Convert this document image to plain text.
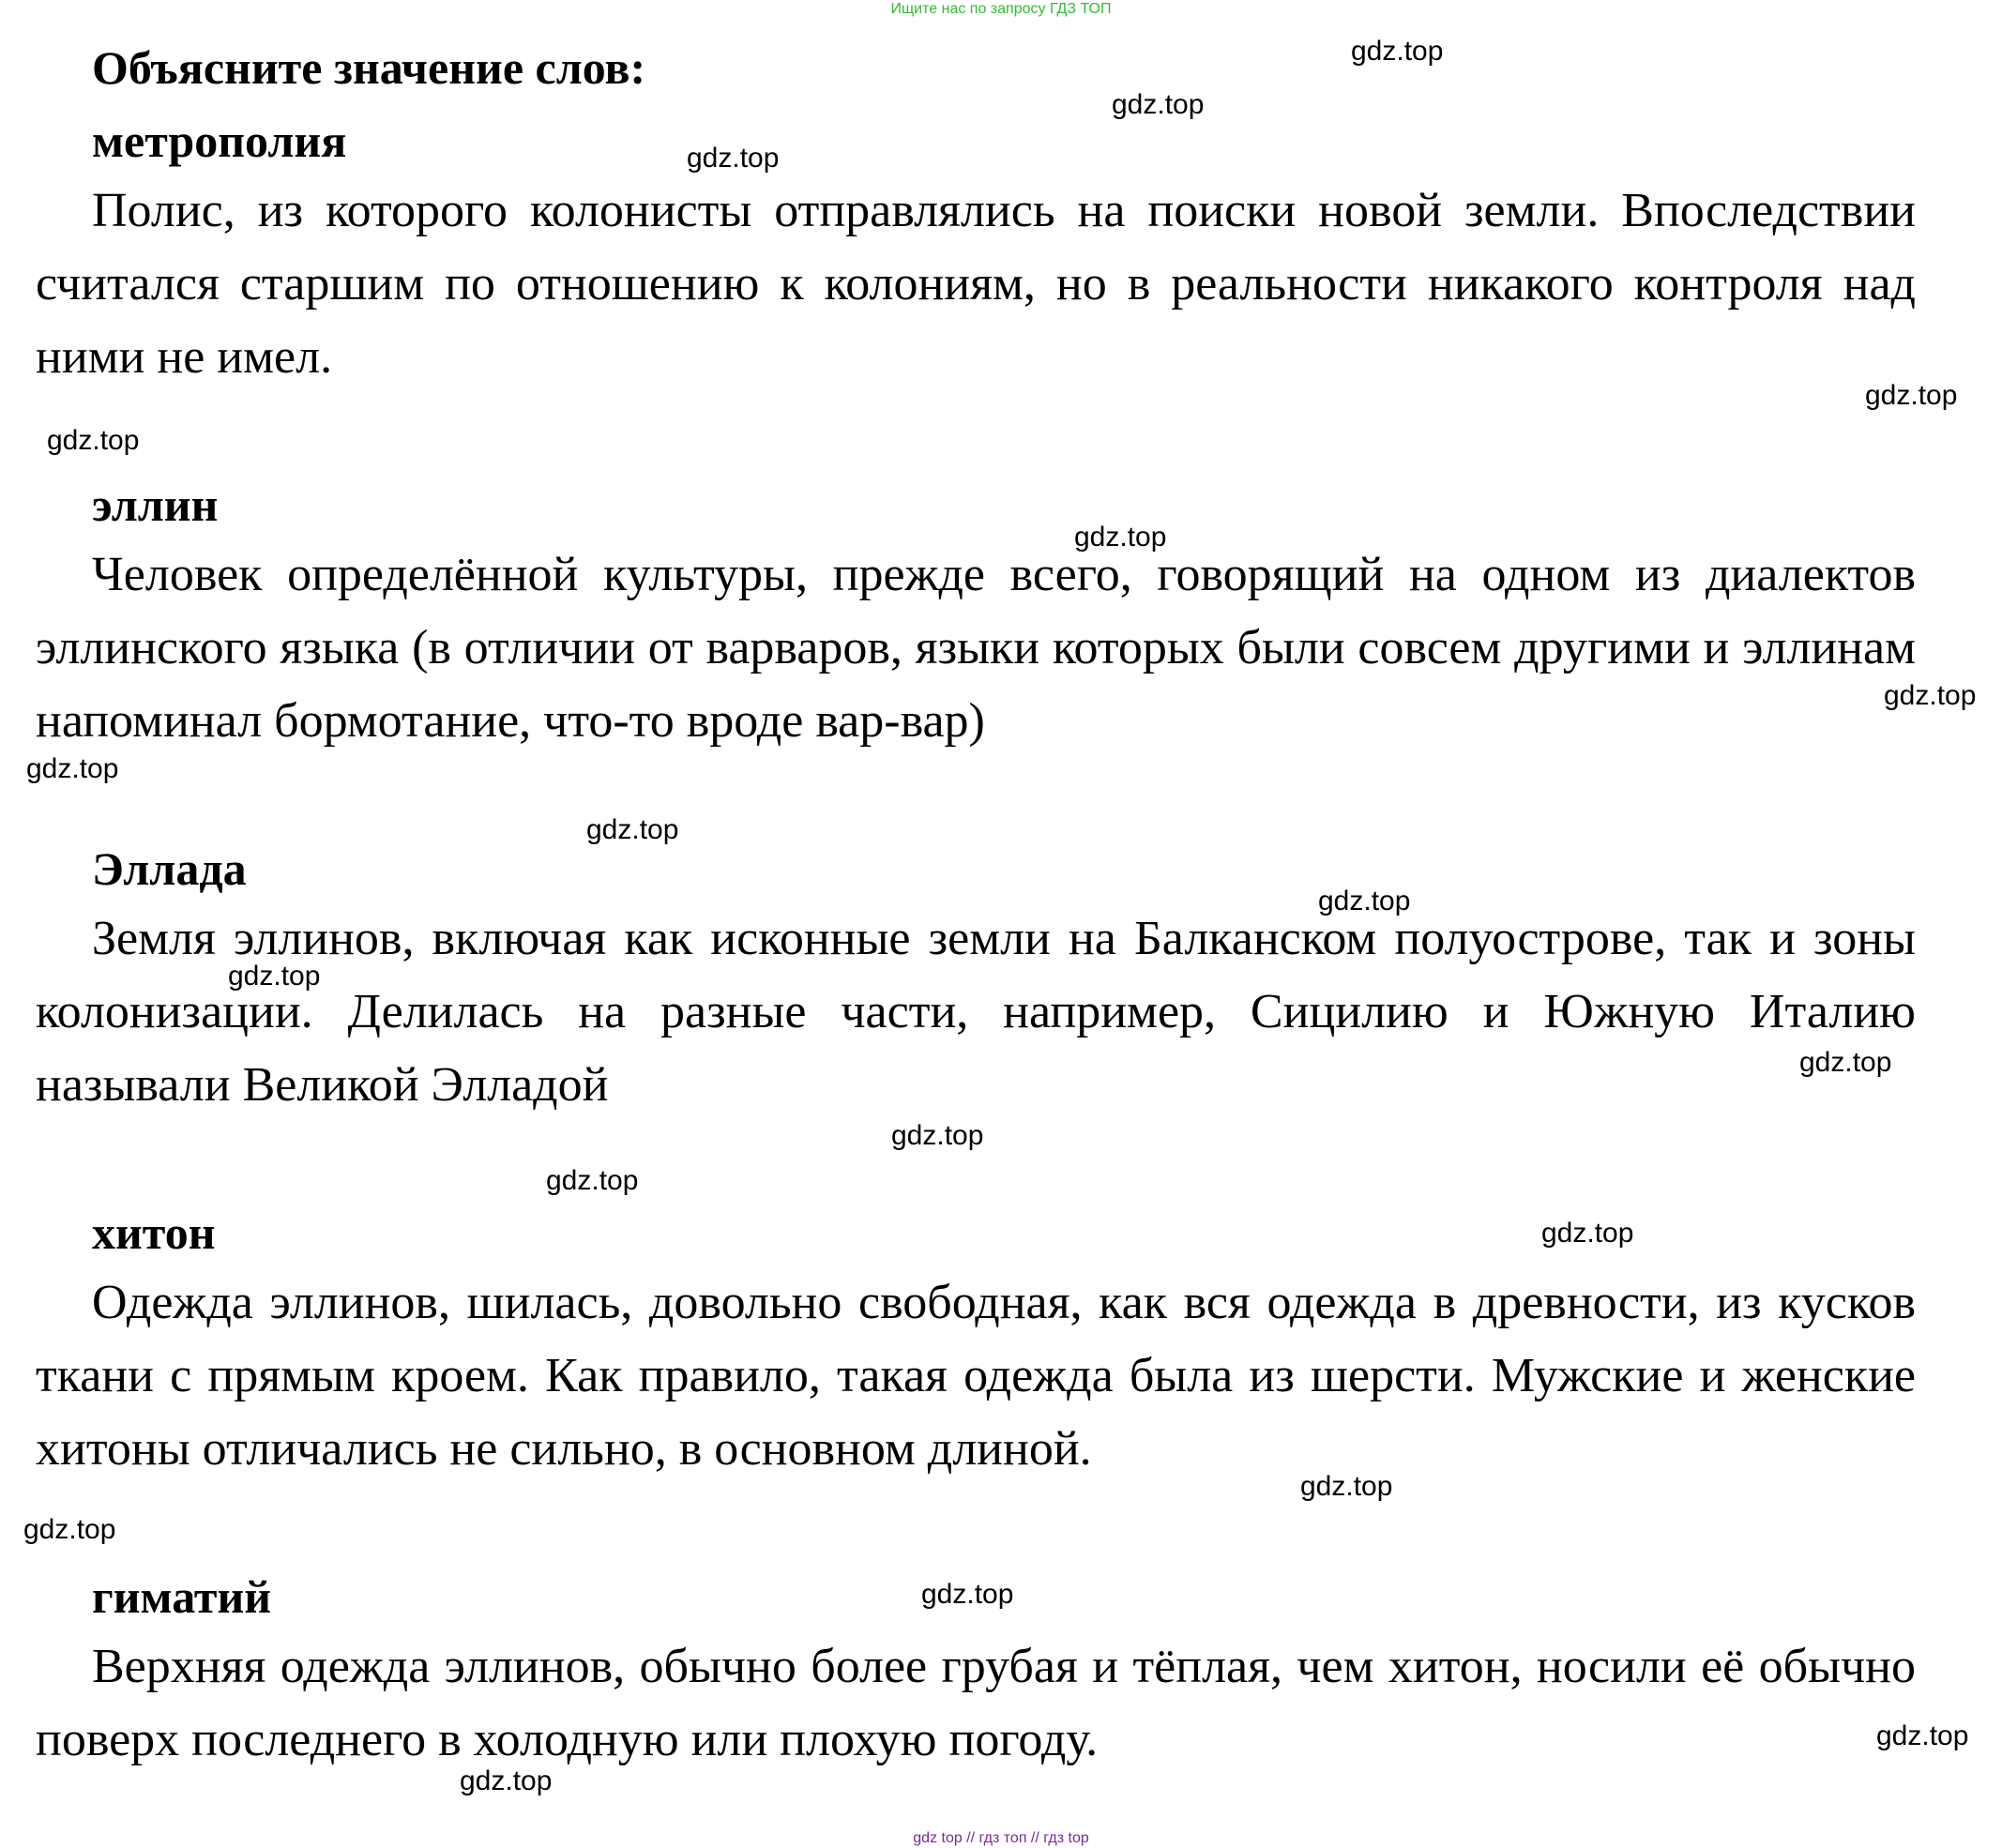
Ищите нас по запросу ГДЗ ТОП
Объясните значение слов:
метрополия
Полис, из которого колонисты отправлялись на поиски новой земли. Впоследствии считался старшим по отношению к колониям, но в реальности никакого контроля над ними не имел.
эллин
Человек определённой культуры, прежде всего, говорящий на одном из диалектов эллинского языка (в отличии от варваров, языки которых были совсем другими и эллинам напоминал бормотание, что-то вроде вар-вар)
Эллада
Земля эллинов, включая как исконные земли на Балканском полуострове, так и зоны колонизации. Делилась на разные части, например, Сицилию и Южную Италию называли Великой Элладой
хитон
Одежда эллинов, шилась, довольно свободная, как вся одежда в древности, из кусков ткани с прямым кроем. Как правило, такая одежда была из шерсти. Мужские и женские хитоны отличались не сильно, в основном длиной.
гиматий
Верхняя одежда эллинов, обычно более грубая и тёплая, чем хитон, носили её обычно поверх последнего в холодную или плохую погоду.
gdz.top
gdz.top
gdz.top
gdz.top
gdz.top
gdz.top
gdz.top
gdz.top
gdz.top
gdz.top
gdz.top
gdz.top
gdz.top
gdz.top
gdz.top
gdz.top
gdz.top
gdz.top
gdz.top
gdz.top
gdz top // гдз топ // гдз top
